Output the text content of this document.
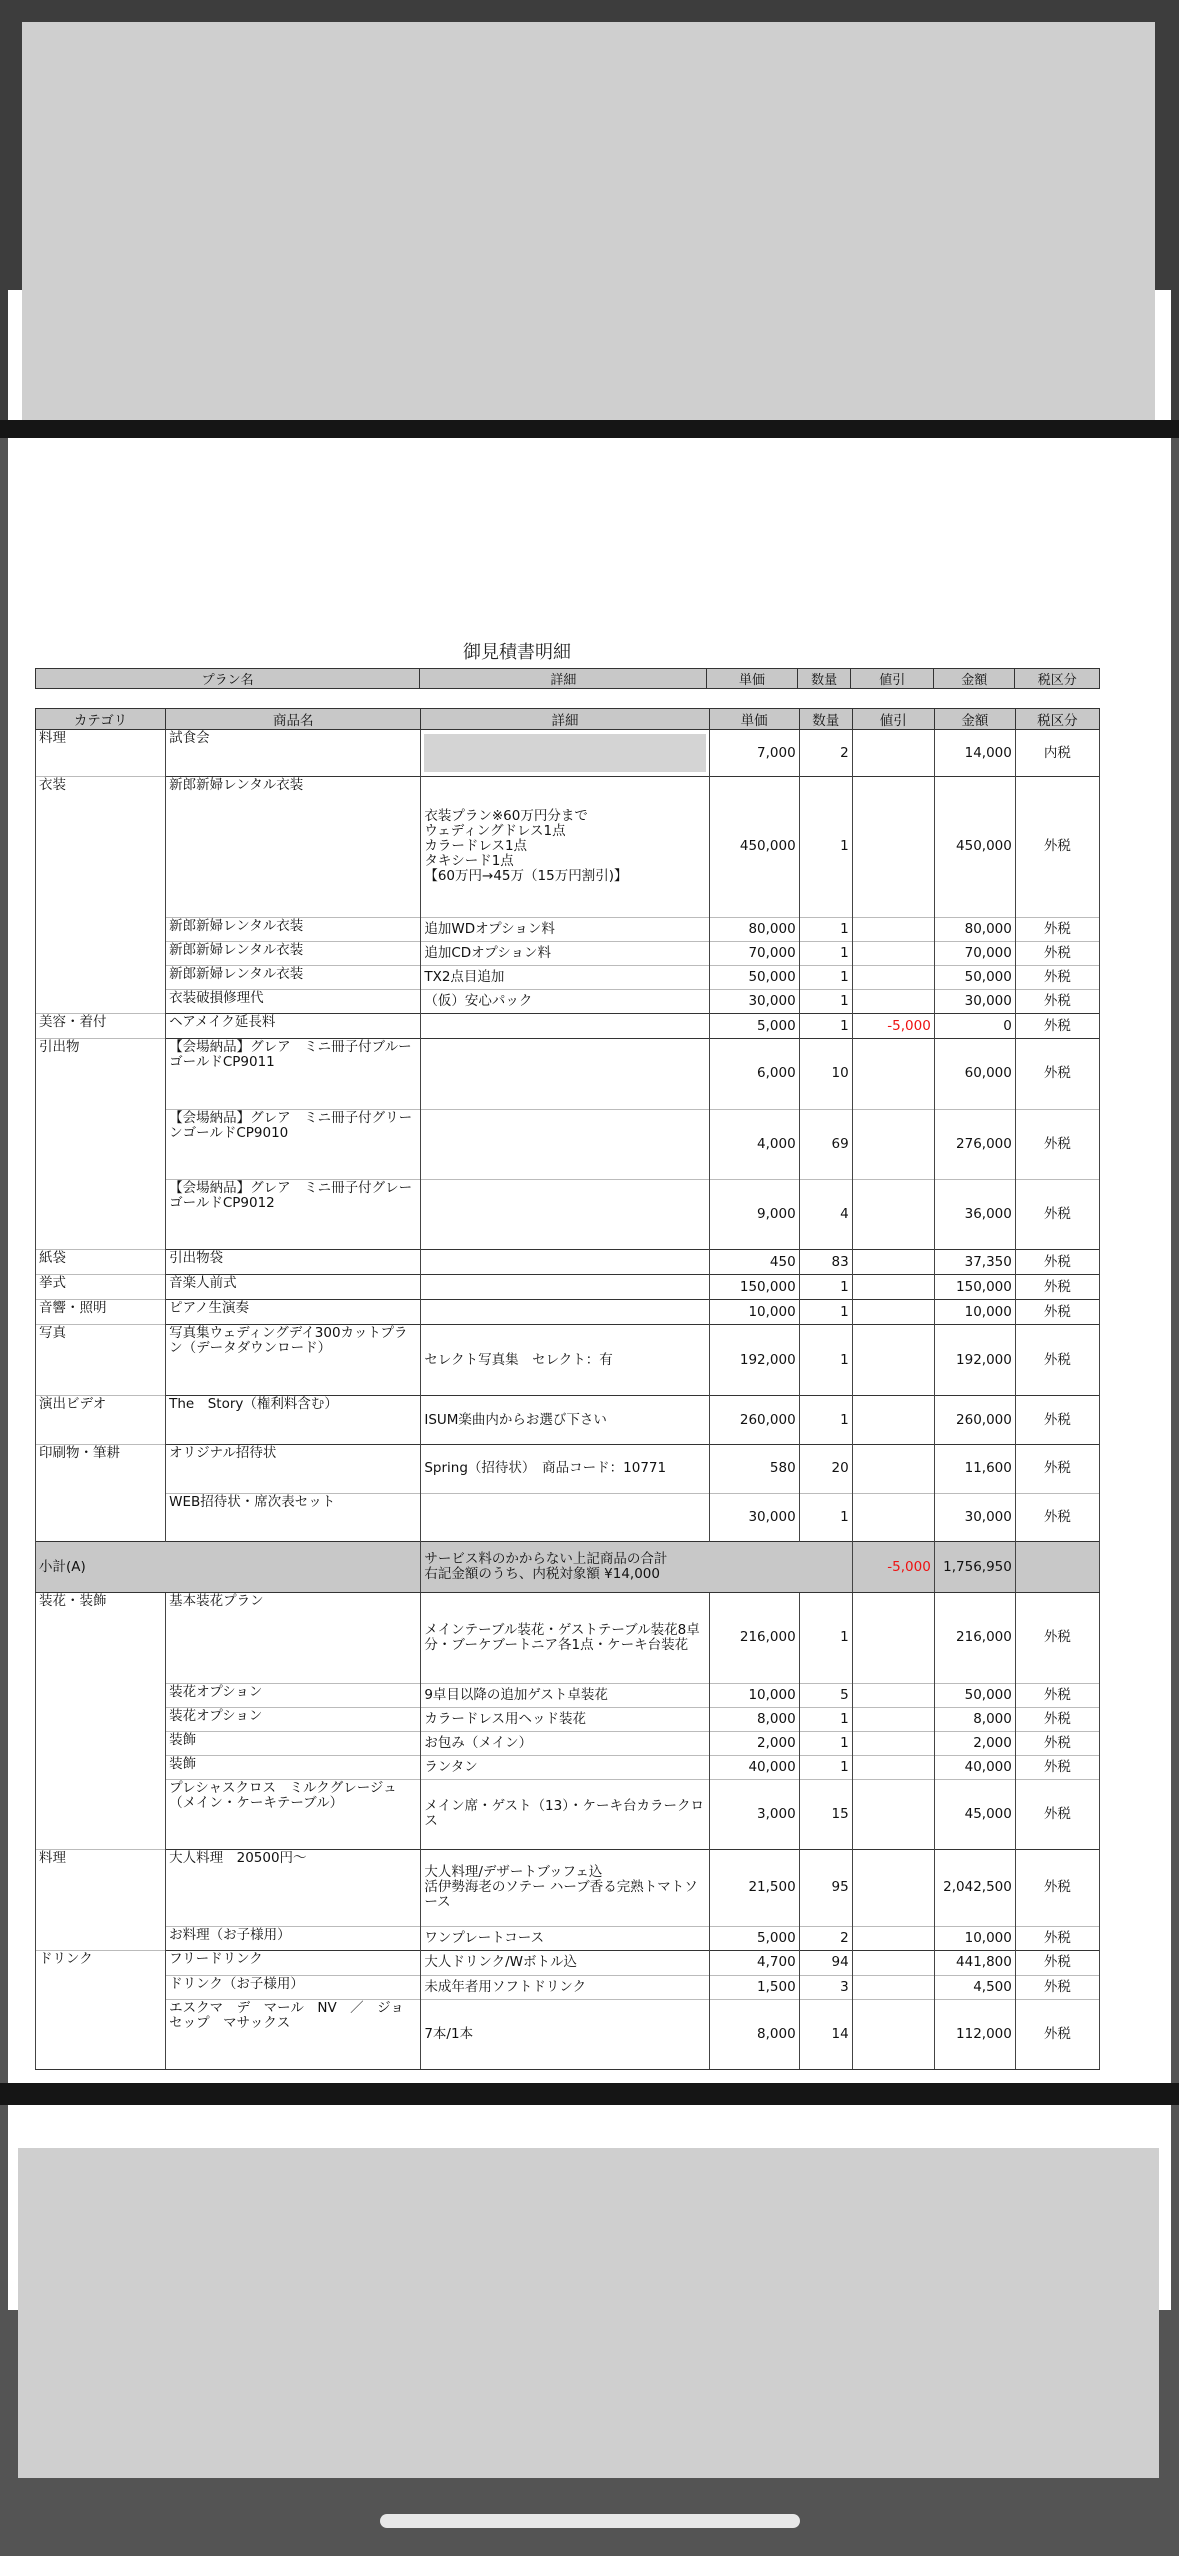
御見積書明細
プラン名	詳細	単価	数量	値引	金額	税区分
カテゴリ	商品名	詳細	単価	数量	値引	金額	税区分
料理	試食会		7,000	2		14,000	内税
衣装	新郎新婦レンタル衣装	衣装プラン※60万円分まで
ウェディングドレス1点
カラードレス1点
タキシード1点
【60万円→45万（15万円割引)】	450,000	1		450,000	外税
	新郎新婦レンタル衣装	追加WDオプション料	80,000	1		80,000	外税
	新郎新婦レンタル衣装	追加CDオプション料	70,000	1		70,000	外税
	新郎新婦レンタル衣装	TX2点目追加	50,000	1		50,000	外税
	衣装破損修理代	（仮）安心パック	30,000	1		30,000	外税
美容・着付	ヘアメイク延長料		5,000	1	-5,000	0	外税
引出物	【会場納品】グレア　ミニ冊子付ブルーゴールドCP9011		6,000	10		60,000	外税
	【会場納品】グレア　ミニ冊子付グリーンゴールドCP9010		4,000	69		276,000	外税
	【会場納品】グレア　ミニ冊子付グレーゴールドCP9012		9,000	4		36,000	外税
紙袋	引出物袋		450	83		37,350	外税
挙式	音楽人前式		150,000	1		150,000	外税
音響・照明	ピアノ生演奏		10,000	1		10,000	外税
写真	写真集ウェディングデイ300カットプラン（データダウンロード）	セレクト写真集　セレクト：有	192,000	1		192,000	外税
演出ビデオ	The　Story（権利料含む）	ISUM楽曲内からお選び下さい	260,000	1		260,000	外税
印刷物・筆耕	オリジナル招待状	Spring（招待状）　商品コード：10771	580	20		11,600	外税
	WEB招待状・席次表セット		30,000	1		30,000	外税
小計(A)		サービス料のかからない上記商品の合計
右記金額のうち、内税対象額 ¥14,000			-5,000	1,756,950	
装花・装飾	基本装花プラン	メインテーブル装花・ゲストテーブル装花8卓分・ブーケブートニア各1点・ケーキ台装花	216,000	1		216,000	外税
	装花オプション	9卓目以降の追加ゲスト卓装花	10,000	5		50,000	外税
	装花オプション	カラードレス用ヘッド装花	8,000	1		8,000	外税
	装飾	お包み（メイン）	2,000	1		2,000	外税
	装飾	ランタン	40,000	1		40,000	外税
	プレシャスクロス　ミルクグレージュ（メイン・ケーキテーブル）	メイン席・ゲスト（13）・ケーキ台カラークロス	3,000	15		45,000	外税
料理	大人料理　20500円〜	大人料理/デザートブッフェ込
活伊勢海老のソテー ハーブ香る完熟トマトソース	21,500	95		2,042,500	外税
	お料理（お子様用）	ワンプレートコース	5,000	2		10,000	外税
ドリンク	フリードリンク	大人ドリンク/Wボトル込	4,700	94		441,800	外税
	ドリンク（お子様用）	未成年者用ソフトドリンク	1,500	3		4,500	外税
	エスクマ　デ　マール　NV　／　ジョセップ　マサックス	7本/1本	8,000	14		112,000	外税
